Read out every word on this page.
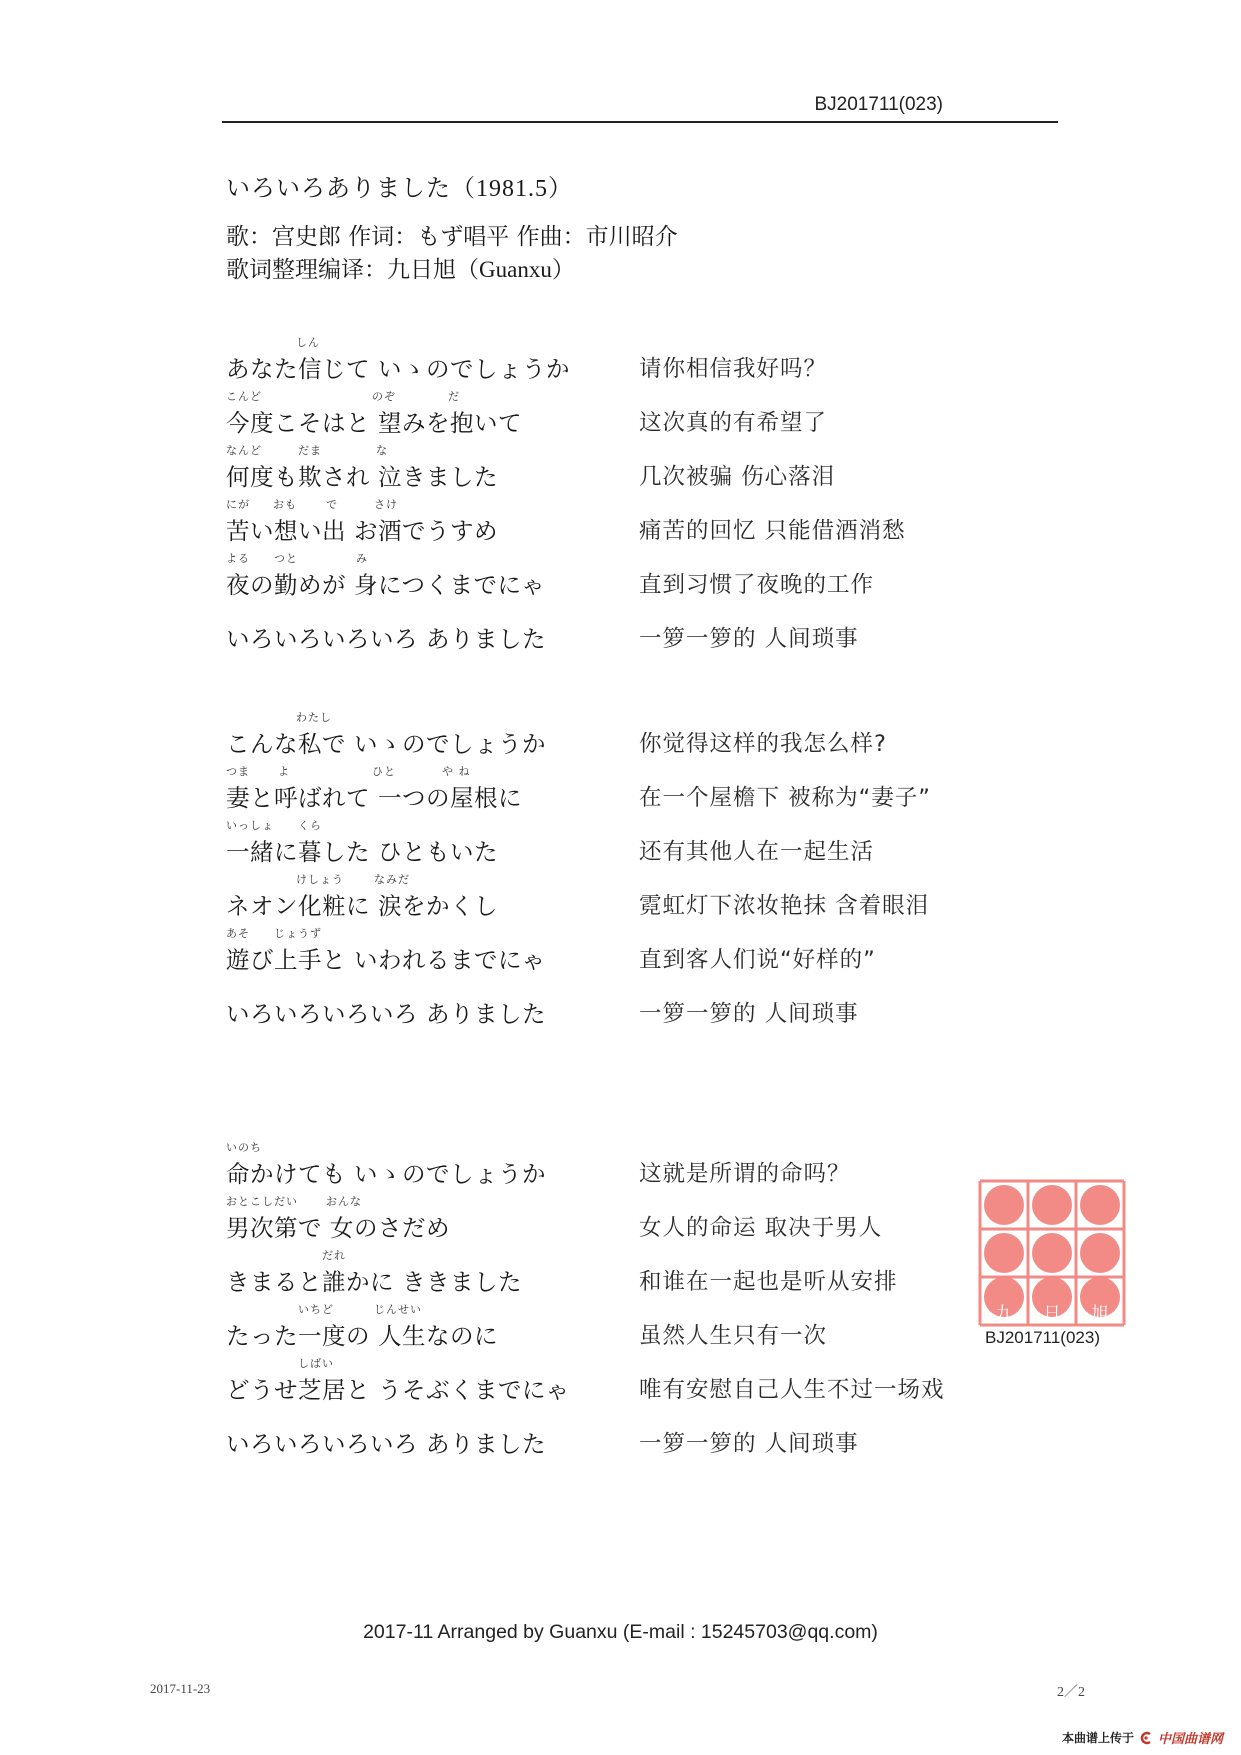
BJ201711(023)
いろいろありました（1981.5）
歌：宫史郎 作词：もず唱平 作曲：市川昭介
歌词整理编译：九日旭（Guanxu）
しん
あなた信じて いゝのでしょうか	请你相信我好吗？
こんど	のぞ	だ
今度こそはと 望みを抱いて	这次真的有希望了
なんど	だま	な
何度も欺され 泣きました	几次被骗 伤心落泪
にが おも	で	さけ
苦い想い出 お酒でうすめ	痛苦的回忆 只能借酒消愁
よる つと	み
夜の勤めが 身につくまでにゃ	直到习惯了夜晚的工作
いろいろいろいろ ありました	一箩一箩的 人间琐事
わたし
こんな私で いゝのでしょうか	你觉得这样的我怎么样?
つま	よ	ひと	や ね
妻と呼ばれて 一つの屋根に	在一个屋檐下 被称为“妻子”
いっしょ くら
一緒に暮した ひともいた	还有其他人在一起生活
けしょう	なみだ
ネオン化粧に 涙をかくし	霓虹灯下浓妆艳抹 含着眼泪
あそ じょうず
遊び上手と いわれるまでにゃ	直到客人们说“好样的”
いろいろいろいろ ありました	一箩一箩的 人间琐事
いのち
命かけても いゝのでしょうか	这就是所谓的命吗？
おとこしだい	おんな
男次第で 女のさだめ	女人的命运 取决于男人
だれ
きまると誰かに ききました	和谁在一起也是听从安排
いちど	じんせい
たった一度の 人生なのに	虽然人生只有一次
しばい
どうせ芝居と うそぶくまでにゃ	唯有安慰自己人生不过一场戏
いろいろいろいろ ありました	一箩一箩的 人间琐事
九 日 旭
BJ201711(023)
2017-11 Arranged by Guanxu (E-mail : 15245703@qq.com)
2017-11-23	2／2
本曲谱上传于 中国曲谱网
